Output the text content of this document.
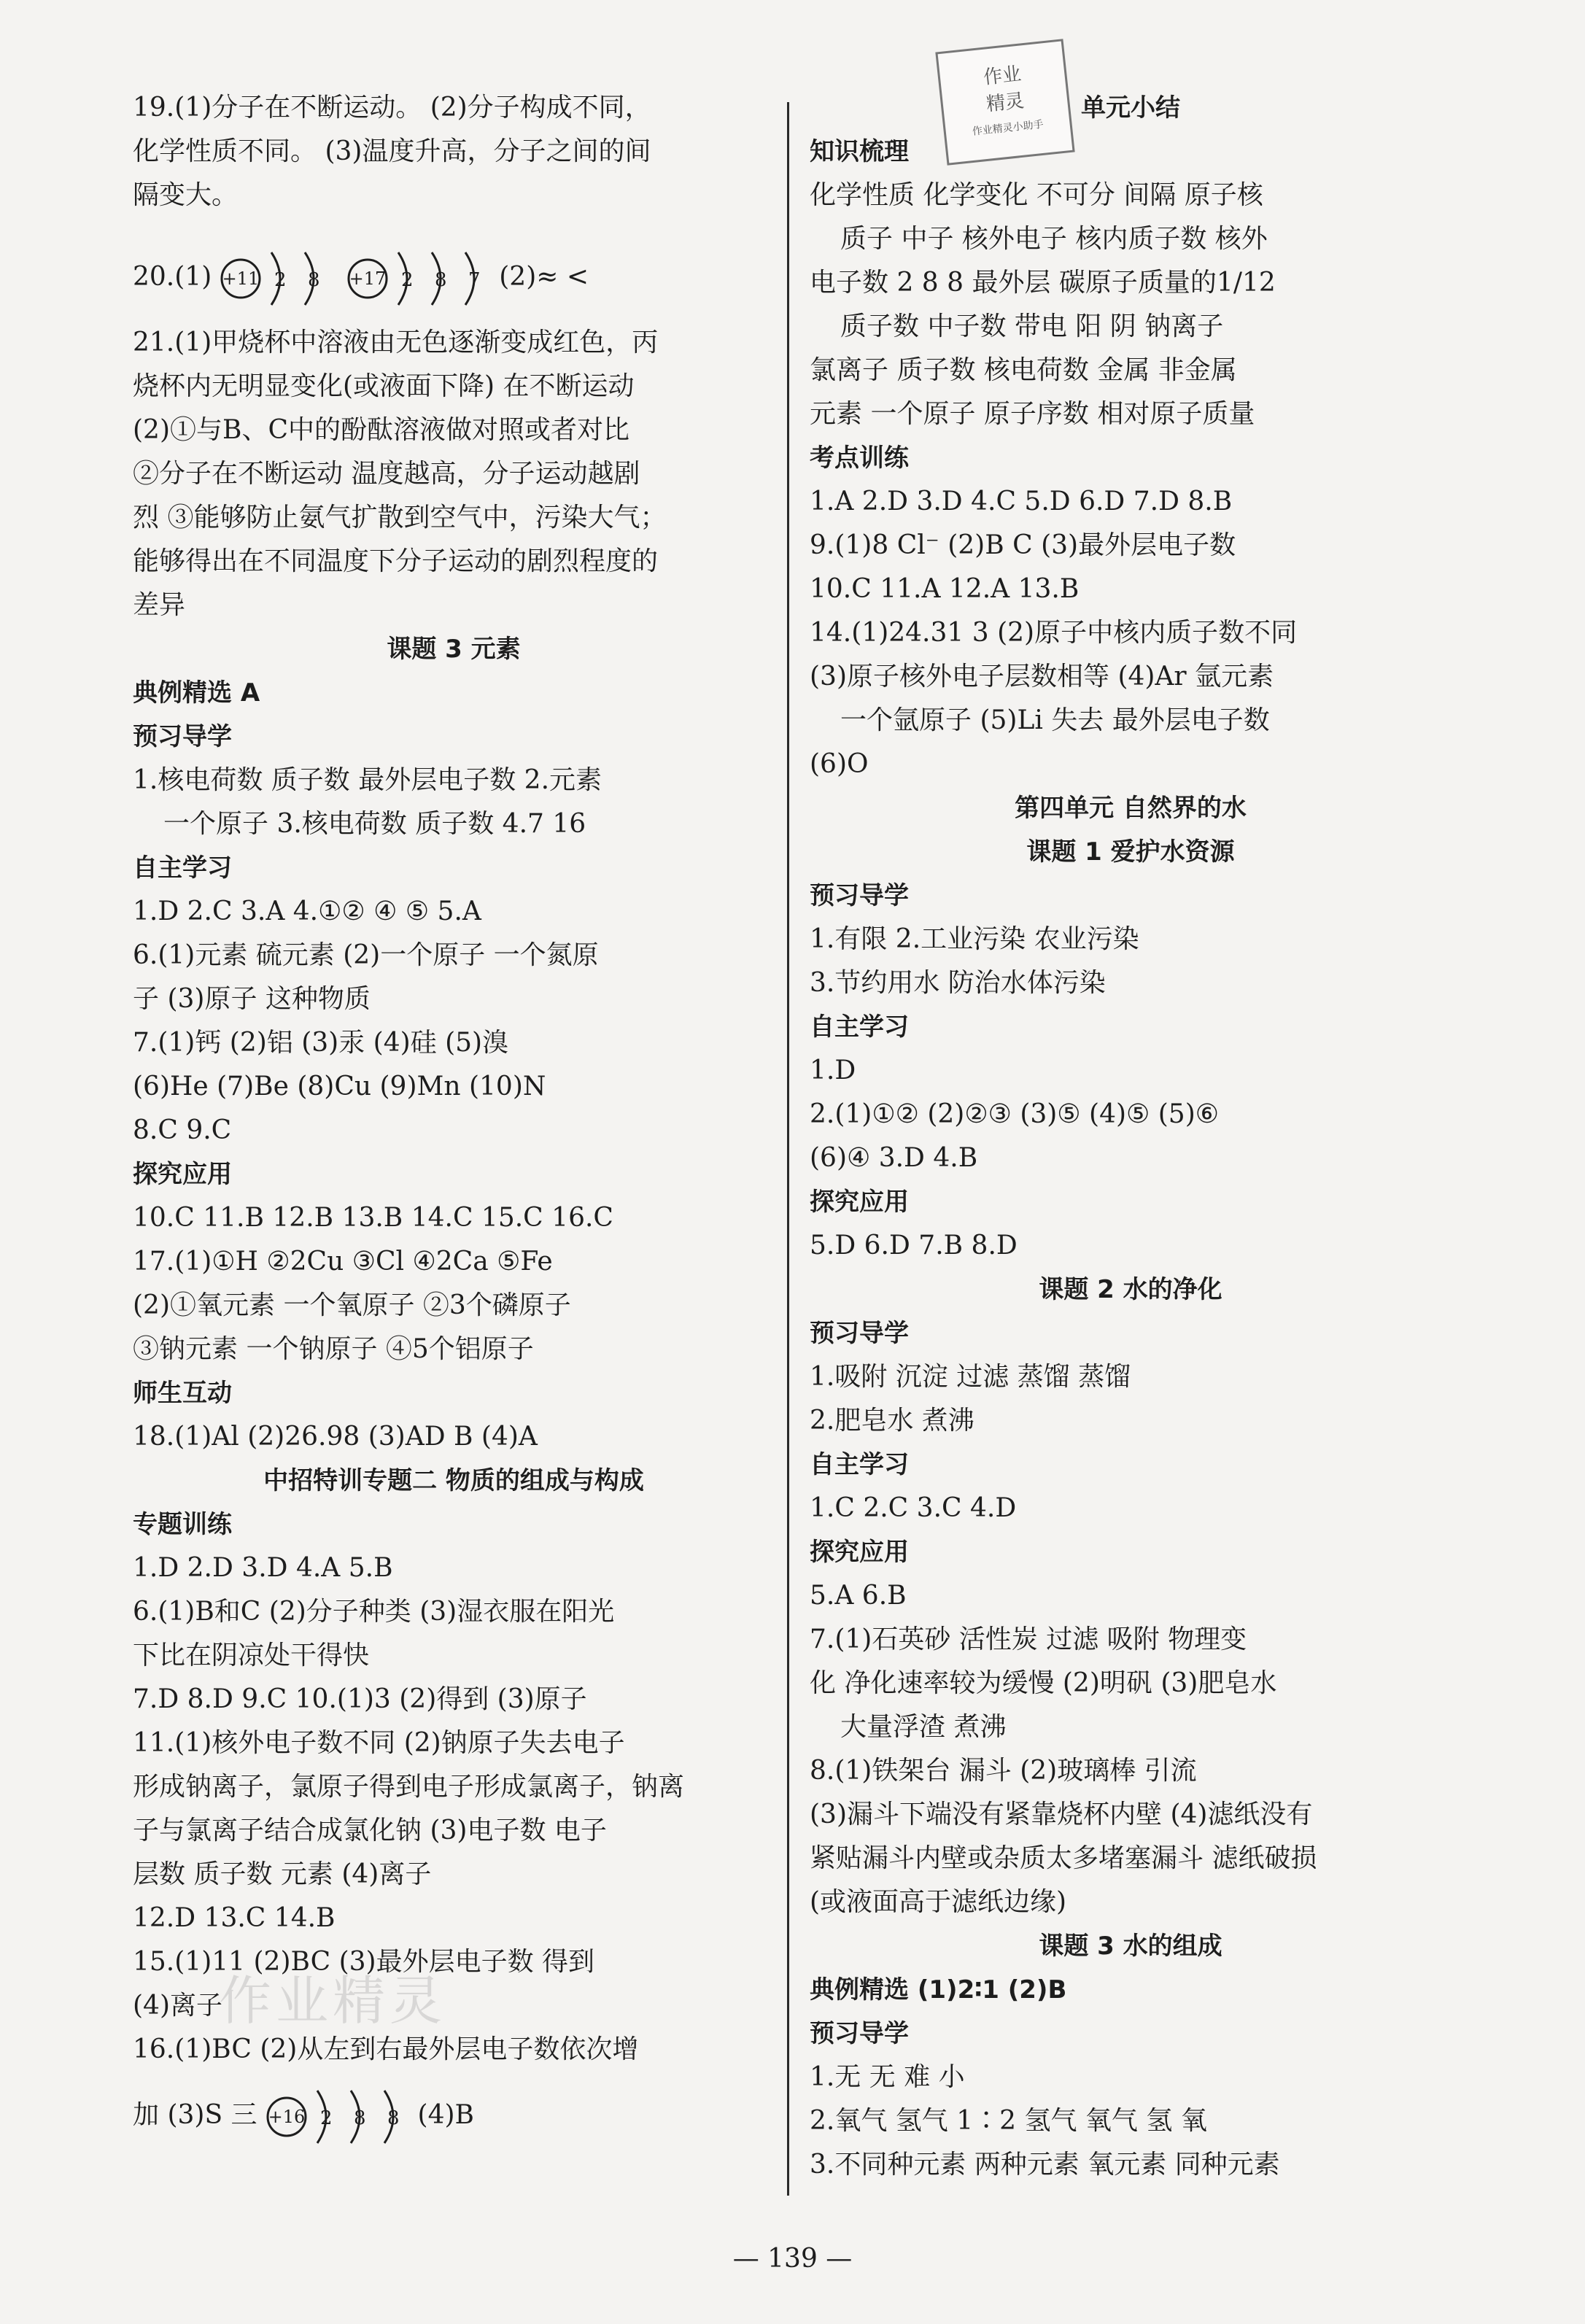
作业
精灵
作业精灵小助手
作业精灵
19.(1)分子在不断运动。 (2)分子构成不同，
化学性质不同。 (3)温度升高，分子之间的间
隔变大。
20.(1) +11 2 8 +17 2 8 7 (2)≈ <
21.(1)甲烧杯中溶液由无色逐渐变成红色，丙
烧杯内无明显变化(或液面下降) 在不断运动
(2)①与B、C中的酚酞溶液做对照或者对比
②分子在不断运动 温度越高，分子运动越剧
烈 ③能够防止氨气扩散到空气中，污染大气；
能够得出在不同温度下分子运动的剧烈程度的
差异
课题 3 元素
典例精选 A
预习导学
1.核电荷数 质子数 最外层电子数 2.元素
一个原子 3.核电荷数 质子数 4.7 16
自主学习
1.D 2.C 3.A 4.①② ④ ⑤ 5.A
6.(1)元素 硫元素 (2)一个原子 一个氮原
子 (3)原子 这种物质
7.(1)钙 (2)铝 (3)汞 (4)硅 (5)溴
(6)He (7)Be (8)Cu (9)Mn (10)N
8.C 9.C
探究应用
10.C 11.B 12.B 13.B 14.C 15.C 16.C
17.(1)①H ②2Cu ③Cl ④2Ca ⑤Fe
(2)①氧元素 一个氧原子 ②3个磷原子
③钠元素 一个钠原子 ④5个铝原子
师生互动
18.(1)Al (2)26.98 (3)AD B (4)A
中招特训专题二 物质的组成与构成
专题训练
1.D 2.D 3.D 4.A 5.B
6.(1)B和C (2)分子种类 (3)湿衣服在阳光
下比在阴凉处干得快
7.D 8.D 9.C 10.(1)3 (2)得到 (3)原子
11.(1)核外电子数不同 (2)钠原子失去电子
形成钠离子，氯原子得到电子形成氯离子，钠离
子与氯离子结合成氯化钠 (3)电子数 电子
层数 质子数 元素 (4)离子
12.D 13.C 14.B
15.(1)11 (2)BC (3)最外层电子数 得到
(4)离子
16.(1)BC (2)从左到右最外层电子数依次增
加 (3)S 三 +16 2 8 8 (4)B
单元小结
知识梳理
化学性质 化学变化 不可分 间隔 原子核
质子 中子 核外电子 核内质子数 核外
电子数 2 8 8 最外层 碳原子质量的1/12
质子数 中子数 带电 阳 阴 钠离子
氯离子 质子数 核电荷数 金属 非金属
元素 一个原子 原子序数 相对原子质量
考点训练
1.A 2.D 3.D 4.C 5.D 6.D 7.D 8.B
9.(1)8 Cl⁻ (2)B C (3)最外层电子数
10.C 11.A 12.A 13.B
14.(1)24.31 3 (2)原子中核内质子数不同
(3)原子核外电子层数相等 (4)Ar 氩元素
一个氩原子 (5)Li 失去 最外层电子数
(6)O
第四单元 自然界的水
课题 1 爱护水资源
预习导学
1.有限 2.工业污染 农业污染
3.节约用水 防治水体污染
自主学习
1.D
2.(1)①② (2)②③ (3)⑤ (4)⑤ (5)⑥
(6)④ 3.D 4.B
探究应用
5.D 6.D 7.B 8.D
课题 2 水的净化
预习导学
1.吸附 沉淀 过滤 蒸馏 蒸馏
2.肥皂水 煮沸
自主学习
1.C 2.C 3.C 4.D
探究应用
5.A 6.B
7.(1)石英砂 活性炭 过滤 吸附 物理变
化 净化速率较为缓慢 (2)明矾 (3)肥皂水
大量浮渣 煮沸
8.(1)铁架台 漏斗 (2)玻璃棒 引流
(3)漏斗下端没有紧靠烧杯内壁 (4)滤纸没有
紧贴漏斗内壁或杂质太多堵塞漏斗 滤纸破损
(或液面高于滤纸边缘)
课题 3 水的组成
典例精选 (1)2∶1 (2)B
预习导学
1.无 无 难 小
2.氧气 氢气 1∶2 氢气 氧气 氢 氧
3.不同种元素 两种元素 氧元素 同种元素
— 139 —
